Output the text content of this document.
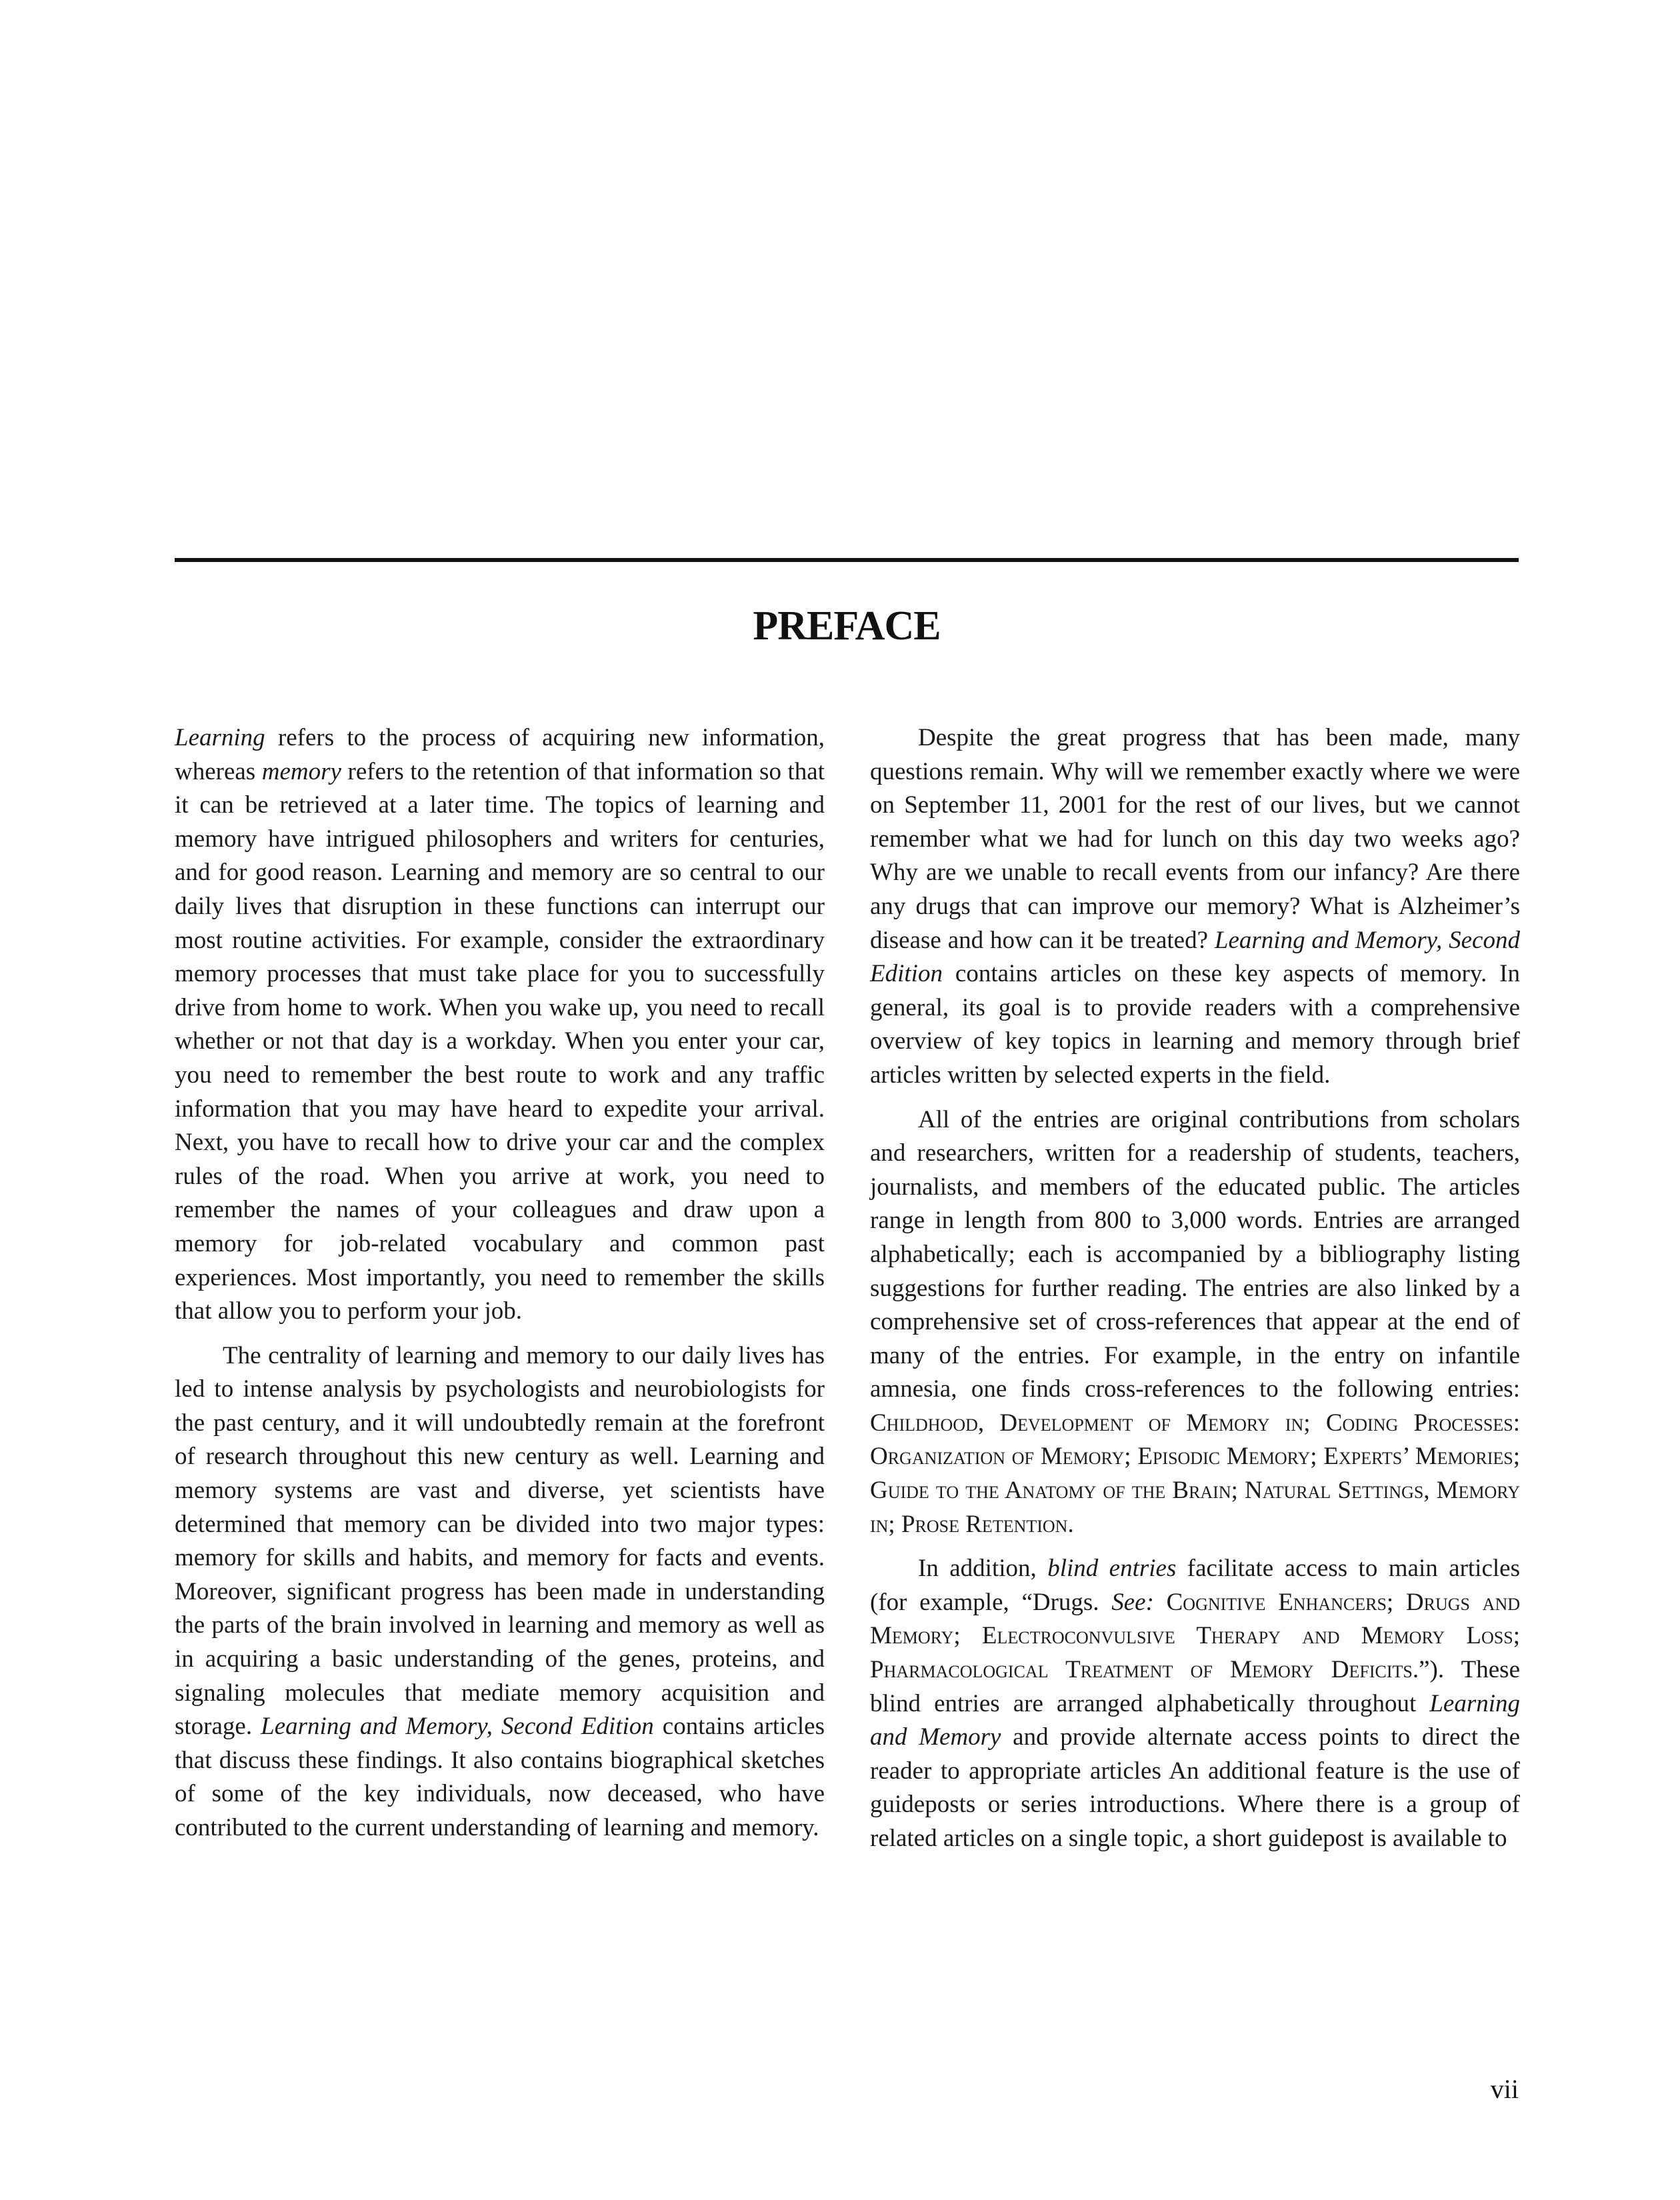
PREFACE

Learning refers to the process of acquiring new information, whereas memory refers to the retention of that information so that it can be retrieved at a later time. The topics of learning and memory have intrigued philosophers and writers for centuries, and for good reason. Learning and memory are so central to our daily lives that disruption in these functions can interrupt our most routine activities. For example, consider the extraordinary memory processes that must take place for you to successfully drive from home to work. When you wake up, you need to recall whether or not that day is a workday. When you enter your car, you need to remember the best route to work and any traffic information that you may have heard to expedite your arrival. Next, you have to recall how to drive your car and the complex rules of the road. When you arrive at work, you need to remember the names of your colleagues and draw upon a memory for job-related vocabulary and common past experiences. Most importantly, you need to remember the skills that allow you to perform your job.

The centrality of learning and memory to our daily lives has led to intense analysis by psychologists and neurobiologists for the past century, and it will undoubtedly remain at the forefront of research throughout this new century as well. Learning and memory systems are vast and diverse, yet scientists have determined that memory can be divided into two major types: memory for skills and habits, and memory for facts and events. Moreover, significant progress has been made in understanding the parts of the brain involved in learning and memory as well as in acquiring a basic understanding of the genes, proteins, and signaling molecules that mediate memory acquisition and storage. Learning and Memory, Second Edition contains articles that discuss these findings. It also contains biographical sketches of some of the key individuals, now deceased, who have contributed to the current understanding of learning and memory.

Despite the great progress that has been made, many questions remain. Why will we remember exactly where we were on September 11, 2001 for the rest of our lives, but we cannot remember what we had for lunch on this day two weeks ago? Why are we unable to recall events from our infancy? Are there any drugs that can improve our memory? What is Alzheimer’s disease and how can it be treated? Learning and Memory, Second Edition contains articles on these key aspects of memory. In general, its goal is to provide readers with a comprehensive overview of key topics in learning and memory through brief articles written by selected experts in the field.

All of the entries are original contributions from scholars and researchers, written for a readership of students, teachers, journalists, and members of the educated public. The articles range in length from 800 to 3,000 words. Entries are arranged alphabetically; each is accompanied by a bibliography listing suggestions for further reading. The entries are also linked by a comprehensive set of cross-references that appear at the end of many of the entries. For example, in the entry on infantile amnesia, one finds cross-references to the following entries: Childhood, Development of Memory in; Coding Processes: Organization of Memory; Episodic Memory; Experts’ Memories; Guide to the Anatomy of the Brain; Natural Settings, Memory in; Prose Retention.

In addition, blind entries facilitate access to main articles (for example, “Drugs. See: Cognitive Enhancers; Drugs and Memory; Electroconvulsive Therapy and Memory Loss; Pharmacological Treatment of Memory Deficits.”). These blind entries are arranged alphabetically throughout Learning and Memory and provide alternate access points to direct the reader to appropriate articles An additional feature is the use of guideposts or series introductions. Where there is a group of related articles on a single topic, a short guidepost is available to

vii
